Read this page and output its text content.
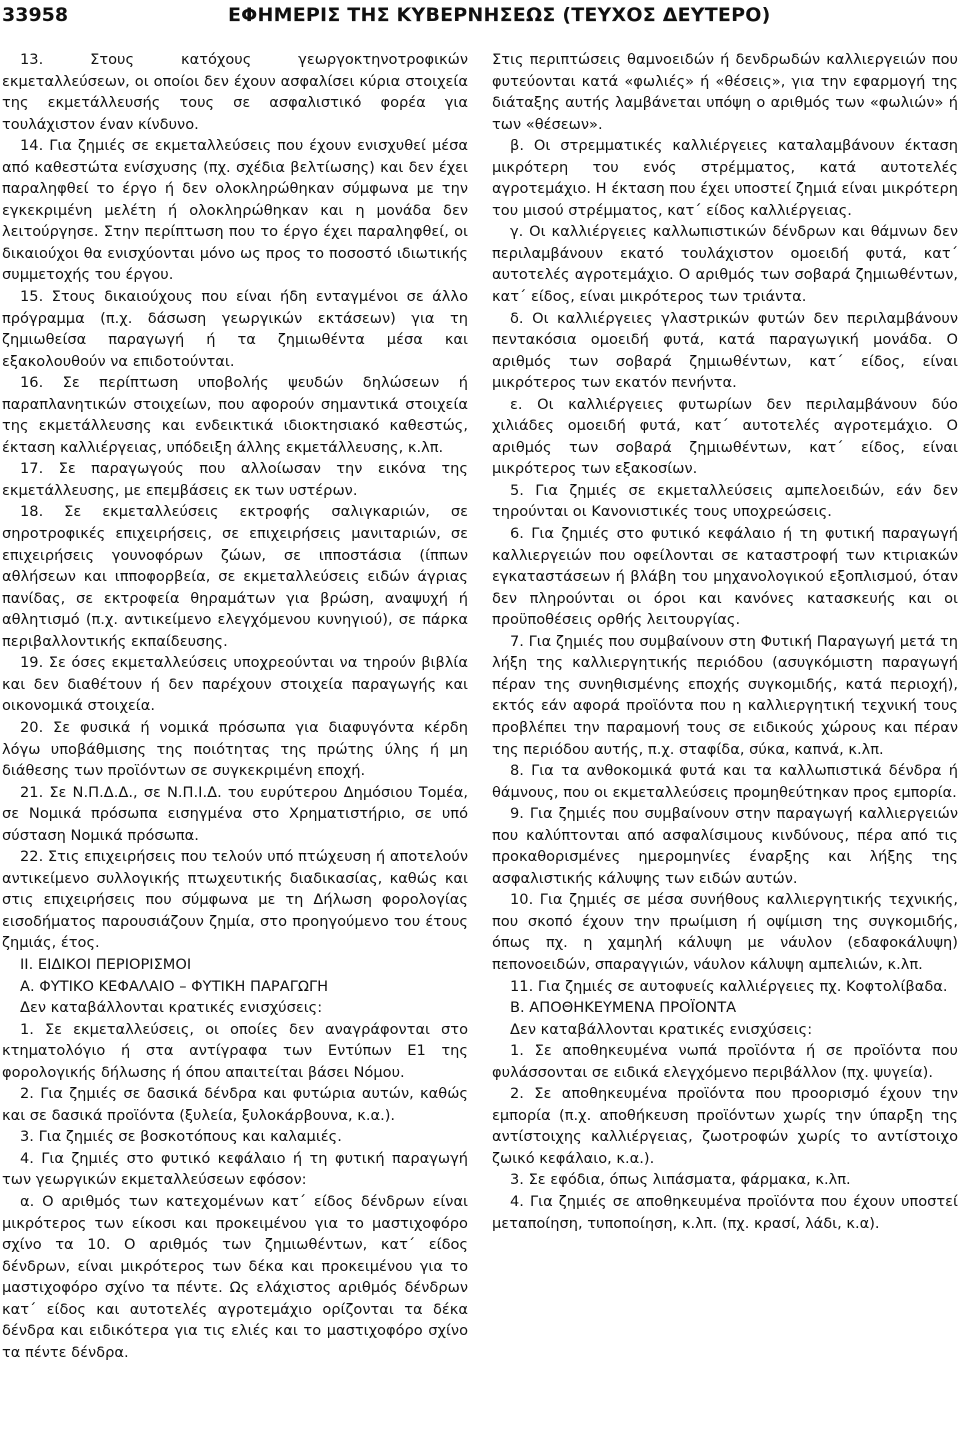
33958	ΕΦΗΜΕΡΙΣ ΤΗΣ ΚΥΒΕΡΝΗΣΕΩΣ (ΤΕΥΧΟΣ ΔΕΥΤΕΡΟ)

13. Στους κατόχους γεωργοκτηνοτροφικών εκμεταλλεύσεων, οι οποίοι δεν έχουν ασφαλίσει κύρια στοιχεία της εκμετάλλευσής τους σε ασφαλιστικό φορέα για τουλάχιστον έναν κίνδυνο.

14. Για ζημιές σε εκμεταλλεύσεις που έχουν ενισχυθεί μέσα από καθεστώτα ενίσχυσης (πχ. σχέδια βελτίωσης) και δεν έχει παραληφθεί το έργο ή δεν ολοκληρώθηκαν σύμφωνα με την εγκεκριμένη μελέτη ή ολοκληρώθηκαν και η μονάδα δεν λειτούργησε. Στην περίπτωση που το έργο έχει παραληφθεί, οι δικαιούχοι θα ενισχύονται μόνο ως προς το ποσοστό ιδιωτικής συμμετοχής του έργου.

15. Στους δικαιούχους που είναι ήδη ενταγμένοι σε άλλο πρόγραμμα (π.χ. δάσωση γεωργικών εκτάσεων) για τη ζημιωθείσα παραγωγή ή τα ζημιωθέντα μέσα και εξακολουθούν να επιδοτούνται.

16. Σε περίπτωση υποβολής ψευδών δηλώσεων ή παραπλανητικών στοιχείων, που αφορούν σημαντικά στοιχεία της εκμετάλλευσης και ενδεικτικά ιδιοκτησιακό καθεστώς, έκταση καλλιέργειας, υπόδειξη άλλης εκμετάλλευσης, κ.λπ.

17. Σε παραγωγούς που αλλοίωσαν την εικόνα της εκμετάλλευσης, με επεμβάσεις εκ των υστέρων.

18. Σε εκμεταλλεύσεις εκτροφής σαλιγκαριών, σε σηροτροφικές επιχειρήσεις, σε επιχειρήσεις μανιταριών, σε επιχειρήσεις γουνοφόρων ζώων, σε ιπποστάσια (ίππων αθλήσεων και ιπποφορβεία, σε εκμεταλλεύσεις ειδών άγριας πανίδας, σε εκτροφεία θηραμάτων για βρώση, αναψυχή ή αθλητισμό (π.χ. αντικείμενο ελεγχόμενου κυνηγιού), σε πάρκα περιβαλλοντικής εκπαίδευσης.

19. Σε όσες εκμεταλλεύσεις υποχρεούνται να τηρούν βιβλία και δεν διαθέτουν ή δεν παρέχουν στοιχεία παραγωγής και οικονομικά στοιχεία.

20. Σε φυσικά ή νομικά πρόσωπα για διαφυγόντα κέρδη λόγω υποβάθμισης της ποιότητας της πρώτης ύλης ή μη διάθεσης των προϊόντων σε συγκεκριμένη εποχή.

21. Σε Ν.Π.Δ.Δ., σε Ν.Π.Ι.Δ. του ευρύτερου Δημόσιου Τομέα, σε Νομικά πρόσωπα εισηγμένα στο Χρηματιστήριο, σε υπό σύσταση Νομικά πρόσωπα.

22. Στις επιχειρήσεις που τελούν υπό πτώχευση ή αποτελούν αντικείμενο συλλογικής πτωχευτικής διαδικασίας, καθώς και στις επιχειρήσεις που σύμφωνα με τη Δήλωση φορολογίας εισοδήματος παρουσιάζουν ζημία, στο προηγούμενο του έτους ζημιάς, έτος.

ΙΙ. ΕΙΔΙΚΟΙ ΠΕΡΙΟΡΙΣΜΟΙ

Α. ΦΥΤΙΚΟ ΚΕΦΑΛΑΙΟ – ΦΥΤΙΚΗ ΠΑΡΑΓΩΓΗ

Δεν καταβάλλονται κρατικές ενισχύσεις:

1. Σε εκμεταλλεύσεις, οι οποίες δεν αναγράφονται στο κτηματολόγιο ή στα αντίγραφα των Εντύπων Ε1 της φορολογικής δήλωσης ή όπου απαιτείται βάσει Νόμου.

2. Για ζημιές σε δασικά δένδρα και φυτώρια αυτών, καθώς και σε δασικά προϊόντα (ξυλεία, ξυλοκάρβουνα, κ.α.).

3. Για ζημιές σε βοσκοτόπους και καλαμιές.

4. Για ζημιές στο φυτικό κεφάλαιο ή τη φυτική παραγωγή των γεωργικών εκμεταλλεύσεων εφόσον:

α. Ο αριθμός των κατεχομένων κατ΄ είδος δένδρων είναι μικρότερος των είκοσι και προκειμένου για το μαστιχοφόρο σχίνο τα 10. Ο αριθμός των ζημιωθέντων, κατ΄ είδος δένδρων, είναι μικρότερος των δέκα και προκειμένου για το μαστιχοφόρο σχίνο τα πέντε. Ως ελάχιστος αριθμός δένδρων κατ΄ είδος και αυτοτελές αγροτεμάχιο ορίζονται τα δέκα δένδρα και ειδικότερα για τις ελιές και το μαστιχοφόρο σχίνο τα πέντε δένδρα.

Στις περιπτώσεις θαμνοειδών ή δενδρωδών καλλιεργειών που φυτεύονται κατά «φωλιές» ή «θέσεις», για την εφαρμογή της διάταξης αυτής λαμβάνεται υπόψη ο αριθμός των «φωλιών» ή των «θέσεων».

β. Οι στρεμματικές καλλιέργειες καταλαμβάνουν έκταση μικρότερη του ενός στρέμματος, κατά αυτοτελές αγροτεμάχιο. Η έκταση που έχει υποστεί ζημιά είναι μικρότερη του μισού στρέμματος, κατ΄ είδος καλλιέργειας.

γ. Οι καλλιέργειες καλλωπιστικών δένδρων και θάμνων δεν περιλαμβάνουν εκατό τουλάχιστον ομοειδή φυτά, κατ΄ αυτοτελές αγροτεμάχιο. Ο αριθμός των σοβαρά ζημιωθέντων, κατ΄ είδος, είναι μικρότερος των τριάντα.

δ. Οι καλλιέργειες γλαστρικών φυτών δεν περιλαμβάνουν πεντακόσια ομοειδή φυτά, κατά παραγωγική μονάδα. Ο αριθμός των σοβαρά ζημιωθέντων, κατ΄ είδος, είναι μικρότερος των εκατόν πενήντα.

ε. Οι καλλιέργειες φυτωρίων δεν περιλαμβάνουν δύο χιλιάδες ομοειδή φυτά, κατ΄ αυτοτελές αγροτεμάχιο. Ο αριθμός των σοβαρά ζημιωθέντων, κατ΄ είδος, είναι μικρότερος των εξακοσίων.

5. Για ζημιές σε εκμεταλλεύσεις αμπελοειδών, εάν δεν τηρούνται οι Κανονιστικές τους υποχρεώσεις.

6. Για ζημιές στο φυτικό κεφάλαιο ή τη φυτική παραγωγή καλλιεργειών που οφείλονται σε καταστροφή των κτιριακών εγκαταστάσεων ή βλάβη του μηχανολογικού εξοπλισμού, όταν δεν πληρούνται οι όροι και κανόνες κατασκευής και οι προϋποθέσεις ορθής λειτουργίας.

7. Για ζημιές που συμβαίνουν στη Φυτική Παραγωγή μετά τη λήξη της καλλιεργητικής περιόδου (ασυγκόμιστη παραγωγή πέραν της συνηθισμένης εποχής συγκομιδής, κατά περιοχή), εκτός εάν αφορά προϊόντα που η καλλιεργητική τεχνική τους προβλέπει την παραμονή τους σε ειδικούς χώρους και πέραν της περιόδου αυτής, π.χ. σταφίδα, σύκα, καπνά, κ.λπ.

8. Για τα ανθοκομικά φυτά και τα καλλωπιστικά δένδρα ή θάμνους, που οι εκμεταλλεύσεις προμηθεύτηκαν προς εμπορία.

9. Για ζημιές που συμβαίνουν στην παραγωγή καλλιεργειών που καλύπτονται από ασφαλίσιμους κινδύνους, πέρα από τις προκαθορισμένες ημερομηνίες έναρξης και λήξης της ασφαλιστικής κάλυψης των ειδών αυτών.

10. Για ζημιές σε μέσα συνήθους καλλιεργητικής τεχνικής, που σκοπό έχουν την πρωίμιση ή οψίμιση της συγκομιδής, όπως πχ. η χαμηλή κάλυψη με νάυλον (εδαφοκάλυψη) πεπονοειδών, σπαραγγιών, νάυλον κάλυψη αμπελιών, κ.λπ.

11. Για ζημιές σε αυτοφυείς καλλιέργειες πχ. Κοφτολίβαδα.

Β. ΑΠΟΘΗΚΕΥΜΕΝΑ ΠΡΟΪΟΝΤΑ

Δεν καταβάλλονται κρατικές ενισχύσεις:

1. Σε αποθηκευμένα νωπά προϊόντα ή σε προϊόντα που φυλάσσονται σε ειδικά ελεγχόμενο περιβάλλον (πχ. ψυγεία).

2. Σε αποθηκευμένα προϊόντα που προορισμό έχουν την εμπορία (π.χ. αποθήκευση προϊόντων χωρίς την ύπαρξη της αντίστοιχης καλλιέργειας, ζωοτροφών χωρίς το αντίστοιχο ζωικό κεφάλαιο, κ.α.).

3. Σε εφόδια, όπως λιπάσματα, φάρμακα, κ.λπ.

4. Για ζημιές σε αποθηκευμένα προϊόντα που έχουν υποστεί μεταποίηση, τυποποίηση, κ.λπ. (πχ. κρασί, λάδι, κ.α).
